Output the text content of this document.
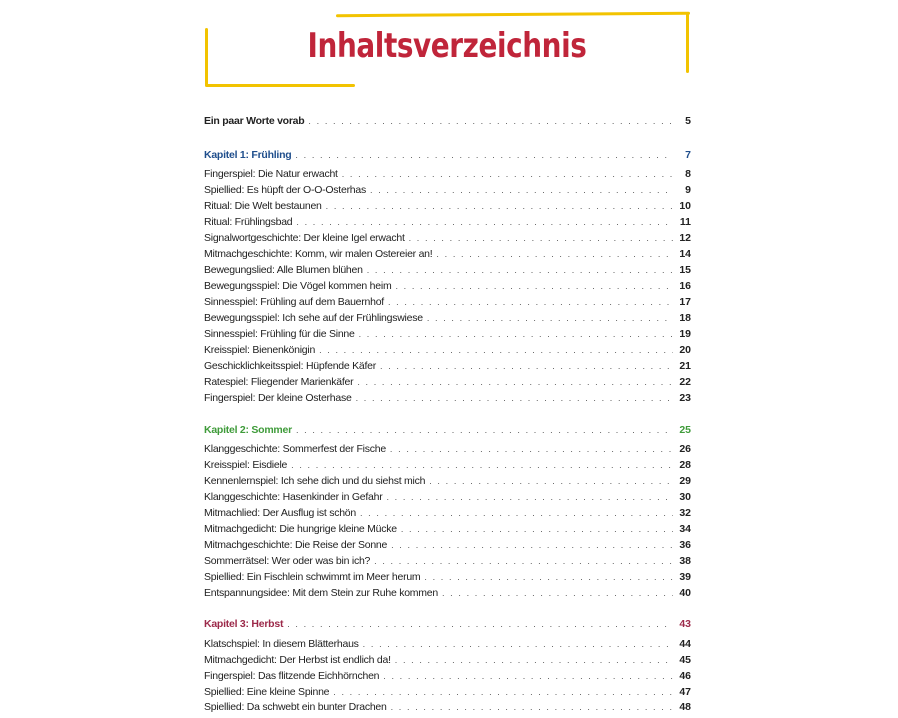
Inhaltsverzeichnis
Ein paar Worte vorab . . .	5
Kapitel 1: Frühling . . .	7
Fingerspiel: Die Natur erwacht . . .	8
Spiellied: Es hüpft der O-O-Osterhas . . .	9
Ritual: Die Welt bestaunen . . .	10
Ritual: Frühlingsbad . . .	11
Signalwortgeschichte: Der kleine Igel erwacht . . .	12
Mitmachgeschichte: Komm, wir malen Ostereier an! . . .	14
Bewegungslied: Alle Blumen blühen . . .	15
Bewegungsspiel: Die Vögel kommen heim . . .	16
Sinnesspiel: Frühling auf dem Bauernhof . . .	17
Bewegungsspiel: Ich sehe auf der Frühlingswiese . . .	18
Sinnesspiel: Frühling für die Sinne . . .	19
Kreisspiel: Bienenkönigin . . .	20
Geschicklichkeitsspiel: Hüpfende Käfer . . .	21
Ratespiel: Fliegender Marienkäfer . . .	22
Fingerspiel: Der kleine Osterhase . . .	23
Kapitel 2: Sommer . . .	25
Klanggeschichte: Sommerfest der Fische . . .	26
Kreisspiel: Eisdiele . . .	28
Kennenlernspiel: Ich sehe dich und du siehst mich . . .	29
Klanggeschichte: Hasenkinder in Gefahr . . .	30
Mitmachlied: Der Ausflug ist schön . . .	32
Mitmachgedicht: Die hungrige kleine Mücke . . .	34
Mitmachgeschichte: Die Reise der Sonne . . .	36
Sommerrätsel: Wer oder was bin ich? . . .	38
Spiellied: Ein Fischlein schwimmt im Meer herum . . .	39
Entspannungsidee: Mit dem Stein zur Ruhe kommen . . .	40
Kapitel 3: Herbst . . .	43
Klatschspiel: In diesem Blätterhaus . . .	44
Mitmachgedicht: Der Herbst ist endlich da! . . .	45
Fingerspiel: Das flitzende Eichhörnchen . . .	46
Spiellied: Eine kleine Spinne . . .	47
Spiellied: Da schwebt ein bunter Drachen . . .	48
